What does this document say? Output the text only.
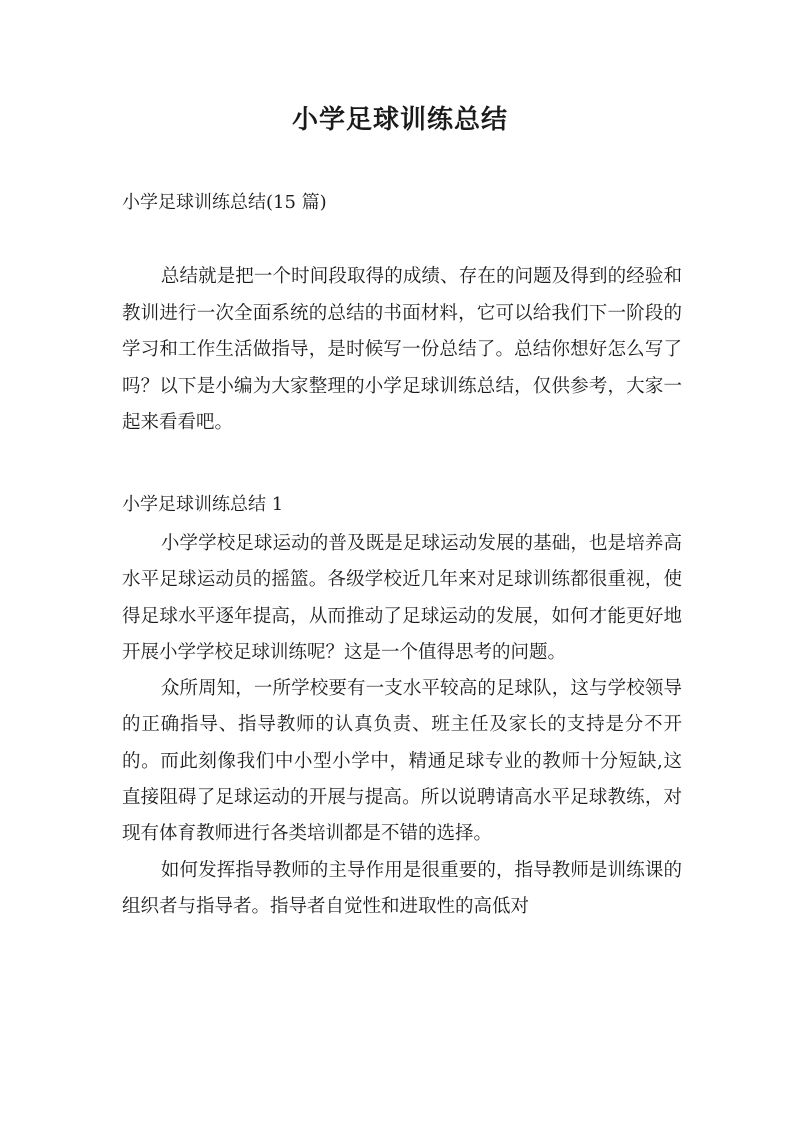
小学足球训练总结
小学足球训练总结(15 篇)

总结就是把一个时间段取得的成绩、存在的问题及得到的经验和教训进行一次全面系统的总结的书面材料，它可以给我们下一阶段的学习和工作生活做指导，是时候写一份总结了。总结你想好怎么写了吗？以下是小编为大家整理的小学足球训练总结，仅供参考，大家一起来看看吧。

小学足球训练总结 1

小学学校足球运动的普及既是足球运动发展的基础，也是培养高水平足球运动员的摇篮。各级学校近几年来对足球训练都很重视，使得足球水平逐年提高，从而推动了足球运动的发展，如何才能更好地开展小学学校足球训练呢？这是一个值得思考的问题。

众所周知，一所学校要有一支水平较高的足球队，这与学校领导的正确指导、指导教师的认真负责、班主任及家长的支持是分不开的。而此刻像我们中小型小学中，精通足球专业的教师十分短缺,这直接阻碍了足球运动的开展与提高。所以说聘请高水平足球教练，对现有体育教师进行各类培训都是不错的选择。

如何发挥指导教师的主导作用是很重要的，指导教师是训练课的组织者与指导者。指导者自觉性和进取性的高低对
